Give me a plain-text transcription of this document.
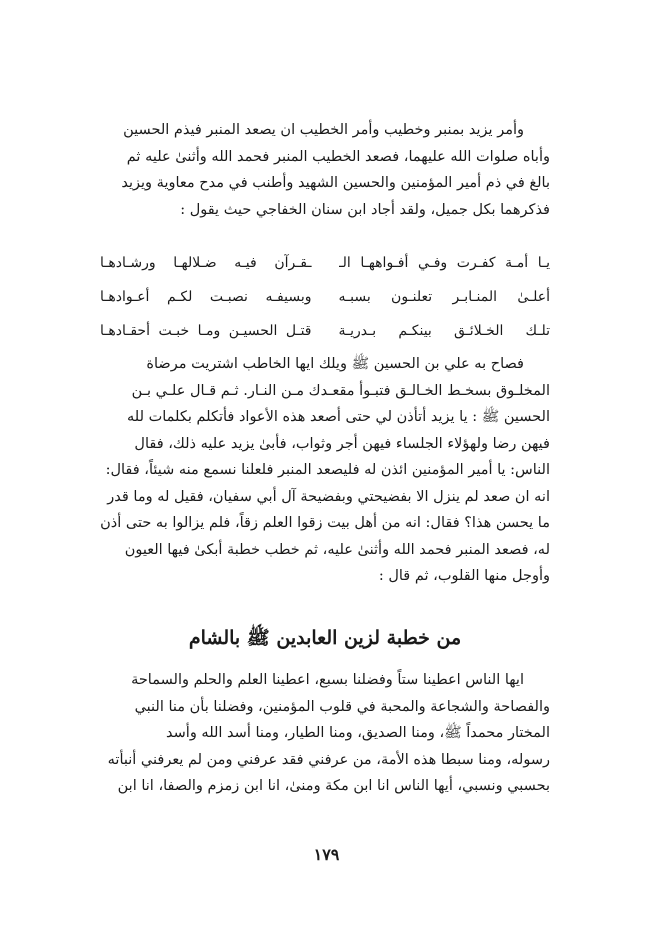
وأمر يزيد بمنبر وخطيب وأمر الخطيب ان يصعد المنبر فيذم الحسين
وأباه صلوات الله عليهما، فصعد الخطيب المنبر فحمد الله وأثنىٰ عليه ثم
بالغ في ذم أمير المؤمنين والحسين الشهيد وأطنب في مدح معاوية ويزيد
فذكرهما بكل جميل، ولقد أجاد ابن سنان الخفاجي حيث يقول :
يـا أمـة كفـرت وفـي أفـواههـا الـ
ـقـرآن فيـه ضـلالهـا ورشـادهـا
أعلـىٰ المنـابـر تعلنـون بسبـه
وبسيفـه نصبـت لكـم أعـوادهـا
تلـك الخـلائـق بينكـم بـدريـة
قتـل الحسيـن ومـا خبـت أحقـادهـا
فصاح به علي بن الحسين ﷺ ويلك ايها الخاطب اشتريت مرضاة
المخلـوق بسخـط الخـالـق فتبـوأ مقعـدك مـن النـار. ثـم قـال علـي بـن
الحسين ﷺ : يا يزيد أتأذن لي حتى أصعد هذه الأعواد فأتكلم بكلمات لله
فيهن رضا ولهؤلاء الجلساء فيهن أجر وثواب، فأبىٰ يزيد عليه ذلك، فقال
الناس: يا أمير المؤمنين ائذن له فليصعد المنبر فلعلنا نسمع منه شيئاً، فقال:
انه ان صعد لم ينزل الا بفضيحتي وبفضيحة آل أبي سفيان، فقيل له وما قدر
ما يحسن هذا؟ فقال: انه من أهل بيت زقوا العلم زقاً، فلم يزالوا به حتى أذن
له، فصعد المنبر فحمد الله وأثنىٰ عليه، ثم خطب خطبة أبكىٰ فيها العيون
وأوجل منها القلوب، ثم قال :
من خطبة لزين العابدين ﷺ بالشام
ايها الناس اعطينا ستاً وفضلنا بسبع، اعطينا العلم والحلم والسماحة
والفصاحة والشجاعة والمحبة في قلوب المؤمنين، وفضلنا بأن منا النبي
المختار محمداً ﷺ، ومنا الصديق، ومنا الطيار، ومنا أسد الله وأسد
رسوله، ومنا سبطا هذه الأمة، من عرفني فقد عرفني ومن لم يعرفني أنبأته
بحسبي ونسبي، أيها الناس انا ابن مكة ومنىٰ، انا ابن زمزم والصفا، انا ابن
١٧٩
